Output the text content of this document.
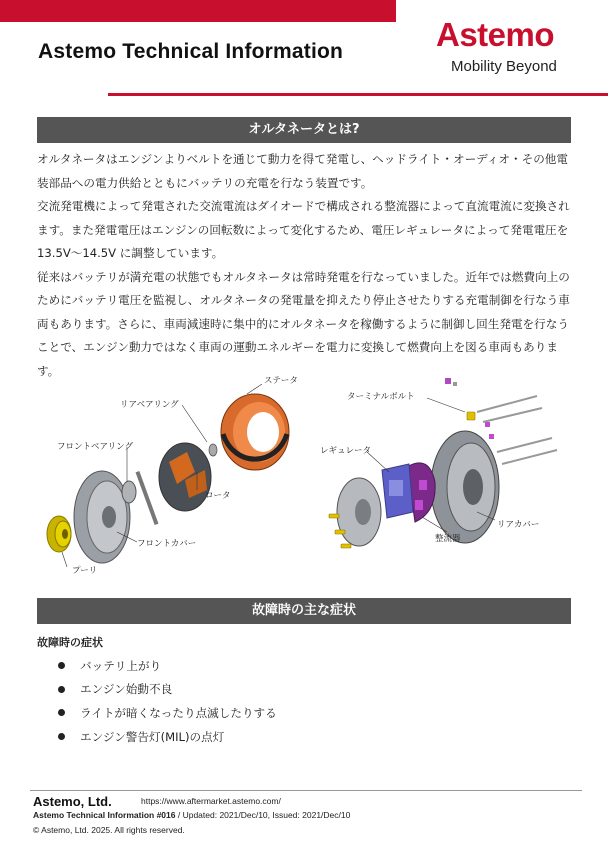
Astemo Technical Information	Astemo
Mobility Beyond
オルタネータとは?

オルタネータはエンジンよりベルトを通じて動力を得て発電し、ヘッドライト・オーディオ・その他電装部品への電力供給とともにバッテリの充電を行なう装置です。

交流発電機によって発電された交流電流はダイオードで構成される整流器によって直流電流に変換されます。また発電電圧はエンジンの回転数によって変化するため、電圧レギュレータによって発電電圧を 13.5V〜14.5V に調整しています。

従来はバッテリが満充電の状態でもオルタネータは常時発電を行なっていました。近年では燃費向上のためにバッテリ電圧を監視し、オルタネータの発電量を抑えたり停止させたりする充電制御を行なう車両もあります。さらに、車両減速時に集中的にオルタネータを稼働するように制御し回生発電を行なうことで、エンジン動力ではなく車両の運動エネルギーを電力に変換して燃費向上を図る車両もあります。

ステータ
リアベアリング
フロントベアリング
ロータ
フロントカバー
プーリ
ターミナルボルト
レギュレータ
リアカバー
整流器
故障時の主な症状
故障時の症状
バッテリ上がり
エンジン始動不良
ライトが暗くなったり点滅したりする
エンジン警告灯(MIL)の点灯
Astemo, Ltd.	https://www.aftermarket.astemo.com/
Astemo Technical Information #016 / Updated: 2021/Dec/10, Issued: 2021/Dec/10
© Astemo, Ltd. 2025. All rights reserved.
